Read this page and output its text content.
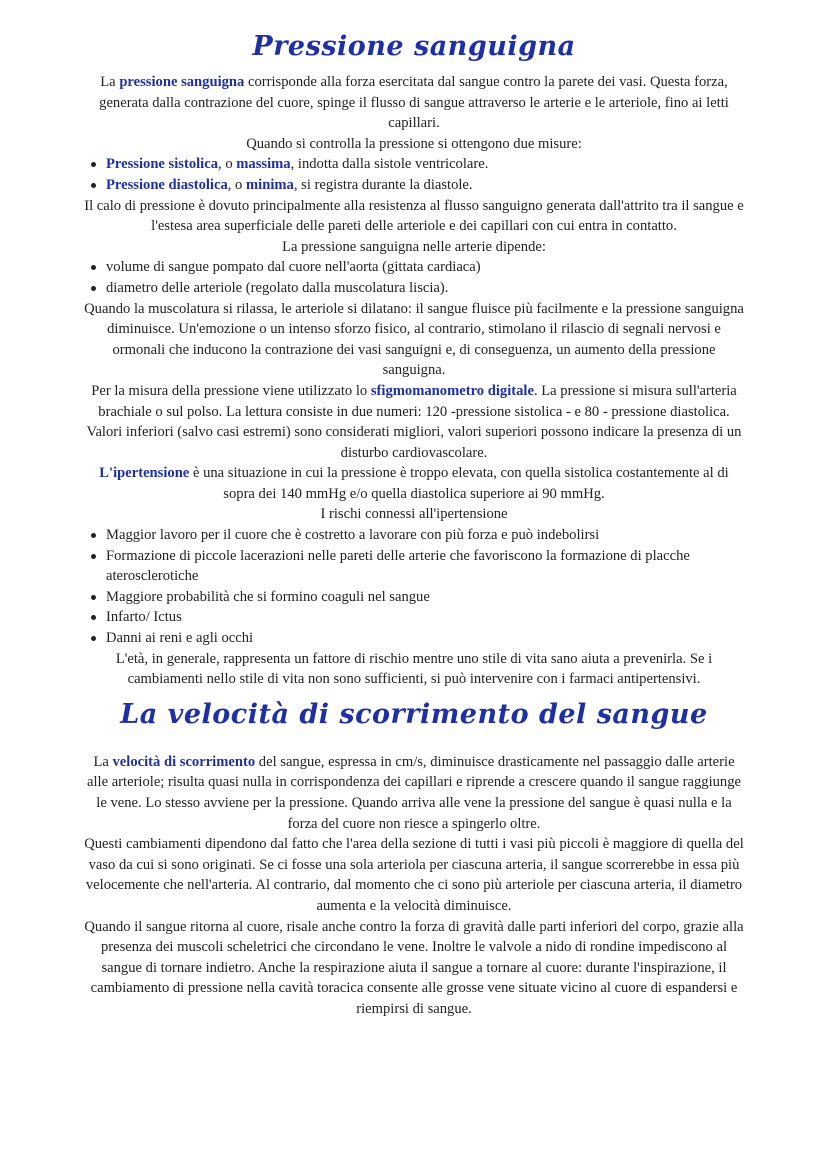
Pressione sanguigna

La pressione sanguigna corrisponde alla forza esercitata dal sangue contro la parete dei vasi. Questa forza, generata dalla contrazione del cuore, spinge il flusso di sangue attraverso le arterie e le arteriole, fino ai letti capillari.

Quando si controlla la pressione si ottengono due misure:

Pressione sistolica, o massima, indotta dalla sistole ventricolare.
Pressione diastolica, o minima, si registra durante la diastole.

Il calo di pressione è dovuto principalmente alla resistenza al flusso sanguigno generata dall'attrito tra il sangue e l'estesa area superficiale delle pareti delle arteriole e dei capillari con cui entra in contatto.

La pressione sanguigna nelle arterie dipende:

volume di sangue pompato dal cuore nell'aorta (gittata cardiaca)
diametro delle arteriole (regolato dalla muscolatura liscia).

Quando la muscolatura si rilassa, le arteriole si dilatano: il sangue fluisce più facilmente e la pressione sanguigna diminuisce. Un'emozione o un intenso sforzo fisico, al contrario, stimolano il rilascio di segnali nervosi e ormonali che inducono la contrazione dei vasi sanguigni e, di conseguenza, un aumento della pressione sanguigna.

Per la misura della pressione viene utilizzato lo sfigmomanometro digitale. La pressione si misura sull'arteria brachiale o sul polso. La lettura consiste in due numeri: 120 -pressione sistolica - e 80 - pressione diastolica. Valori inferiori (salvo casi estremi) sono considerati migliori, valori superiori possono indicare la presenza di un disturbo cardiovascolare.

L'ipertensione è una situazione in cui la pressione è troppo elevata, con quella sistolica costantemente al di sopra dei 140 mmHg e/o quella diastolica superiore ai 90 mmHg.

I rischi connessi all'ipertensione

Maggior lavoro per il cuore che è costretto a lavorare con più forza e può indebolirsi
Formazione di piccole lacerazioni nelle pareti delle arterie che favoriscono la formazione di placche aterosclerotiche
Maggiore probabilità che si formino coaguli nel sangue
Infarto/ Ictus
Danni ai reni e agli occhi

L'età, in generale, rappresenta un fattore di rischio mentre uno stile di vita sano aiuta a prevenirla. Se i cambiamenti nello stile di vita non sono sufficienti, si può intervenire con i farmaci antipertensivi.

La velocità di scorrimento del sangue

La velocità di scorrimento del sangue, espressa in cm/s, diminuisce drasticamente nel passaggio dalle arterie alle arteriole; risulta quasi nulla in corrispondenza dei capillari e riprende a crescere quando il sangue raggiunge le vene. Lo stesso avviene per la pressione. Quando arriva alle vene la pressione del sangue è quasi nulla e la forza del cuore non riesce a spingerlo oltre.

Questi cambiamenti dipendono dal fatto che l'area della sezione di tutti i vasi più piccoli è maggiore di quella del vaso da cui si sono originati. Se ci fosse una sola arteriola per ciascuna arteria, il sangue scorrerebbe in essa più velocemente che nell'arteria. Al contrario, dal momento che ci sono più arteriole per ciascuna arteria, il diametro aumenta e la velocità diminuisce.

Quando il sangue ritorna al cuore, risale anche contro la forza di gravità dalle parti inferiori del corpo, grazie alla presenza dei muscoli scheletrici che circondano le vene. Inoltre le valvole a nido di rondine impediscono al sangue di tornare indietro. Anche la respirazione aiuta il sangue a tornare al cuore: durante l'inspirazione, il cambiamento di pressione nella cavità toracica consente alle grosse vene situate vicino al cuore di espandersi e riempirsi di sangue.
